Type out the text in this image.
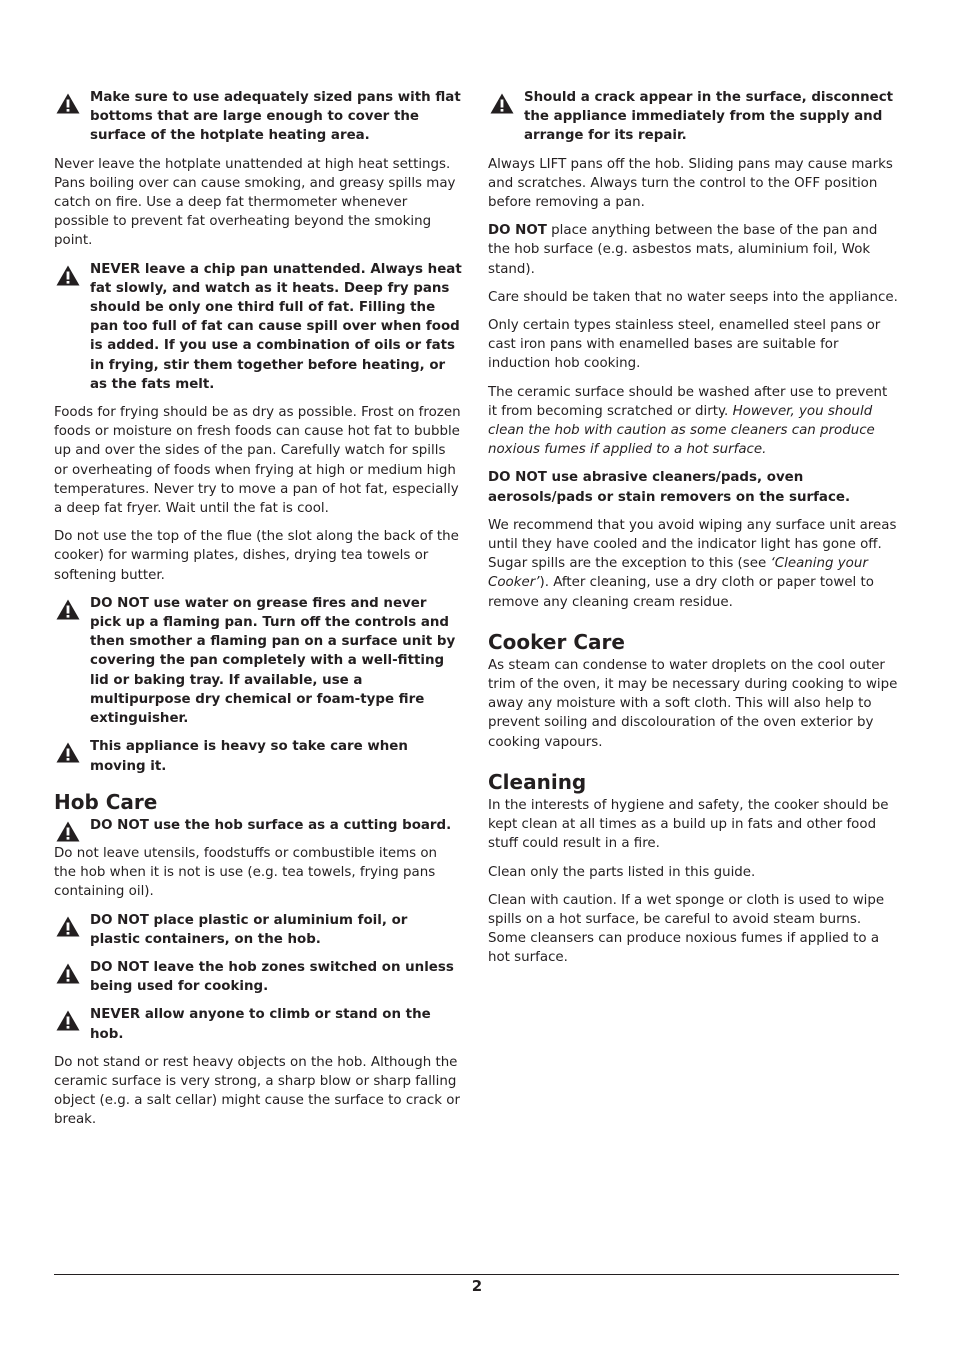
Make sure to use adequately sized pans with flat bottoms that are large enough to cover the surface of the hotplate heating area.

Never leave the hotplate unattended at high heat settings. Pans boiling over can cause smoking, and greasy spills may catch on fire. Use a deep fat thermometer whenever possible to prevent fat overheating beyond the smoking point.

NEVER leave a chip pan unattended. Always heat fat slowly, and watch as it heats. Deep fry pans should be only one third full of fat. Filling the pan too full of fat can cause spill over when food is added. If you use a combination of oils or fats in frying, stir them together before heating, or as the fats melt.

Foods for frying should be as dry as possible. Frost on frozen foods or moisture on fresh foods can cause hot fat to bubble up and over the sides of the pan. Carefully watch for spills or overheating of foods when frying at high or medium high temperatures. Never try to move a pan of hot fat, especially a deep fat fryer. Wait until the fat is cool.

Do not use the top of the flue (the slot along the back of the cooker) for warming plates, dishes, drying tea towels or softening butter.

DO NOT use water on grease fires and never pick up a flaming pan. Turn off the controls and then smother a flaming pan on a surface unit by covering the pan completely with a well-fitting lid or baking tray. If available, use a multipurpose dry chemical or foam-type fire extinguisher.
This appliance is heavy so take care when moving it.
Hob Care
DO NOT use the hob surface as a cutting board.

Do not leave utensils, foodstuffs or combustible items on the hob when it is not is use (e.g. tea towels, frying pans containing oil).

DO NOT place plastic or aluminium foil, or plastic containers, on the hob.
DO NOT leave the hob zones switched on unless being used for cooking.
NEVER allow anyone to climb or stand on the hob.

Do not stand or rest heavy objects on the hob. Although the ceramic surface is very strong, a sharp blow or sharp falling object (e.g. a salt cellar) might cause the surface to crack or break.

Should a crack appear in the surface, disconnect the appliance immediately from the supply and arrange for its repair.

Always LIFT pans off the hob. Sliding pans may cause marks and scratches. Always turn the control to the OFF position before removing a pan.

DO NOT place anything between the base of the pan and the hob surface (e.g. asbestos mats, aluminium foil, Wok stand).

Care should be taken that no water seeps into the appliance.

Only certain types stainless steel, enamelled steel pans or cast iron pans with enamelled bases are suitable for induction hob cooking.

The ceramic surface should be washed after use to prevent it from becoming scratched or dirty. However, you should clean the hob with caution as some cleaners can produce noxious fumes if applied to a hot surface.

DO NOT use abrasive cleaners/pads, oven aerosols/pads or stain removers on the surface.

We recommend that you avoid wiping any surface unit areas until they have cooled and the indicator light has gone off. Sugar spills are the exception to this (see ‘Cleaning your Cooker’). After cleaning, use a dry cloth or paper towel to remove any cleaning cream residue.

Cooker Care

As steam can condense to water droplets on the cool outer trim of the oven, it may be necessary during cooking to wipe away any moisture with a soft cloth. This will also help to prevent soiling and discolouration of the oven exterior by cooking vapours.

Cleaning

In the interests of hygiene and safety, the cooker should be kept clean at all times as a build up in fats and other food stuff could result in a fire.

Clean only the parts listed in this guide.

Clean with caution. If a wet sponge or cloth is used to wipe spills on a hot surface, be careful to avoid steam burns. Some cleansers can produce noxious fumes if applied to a hot surface.

2
